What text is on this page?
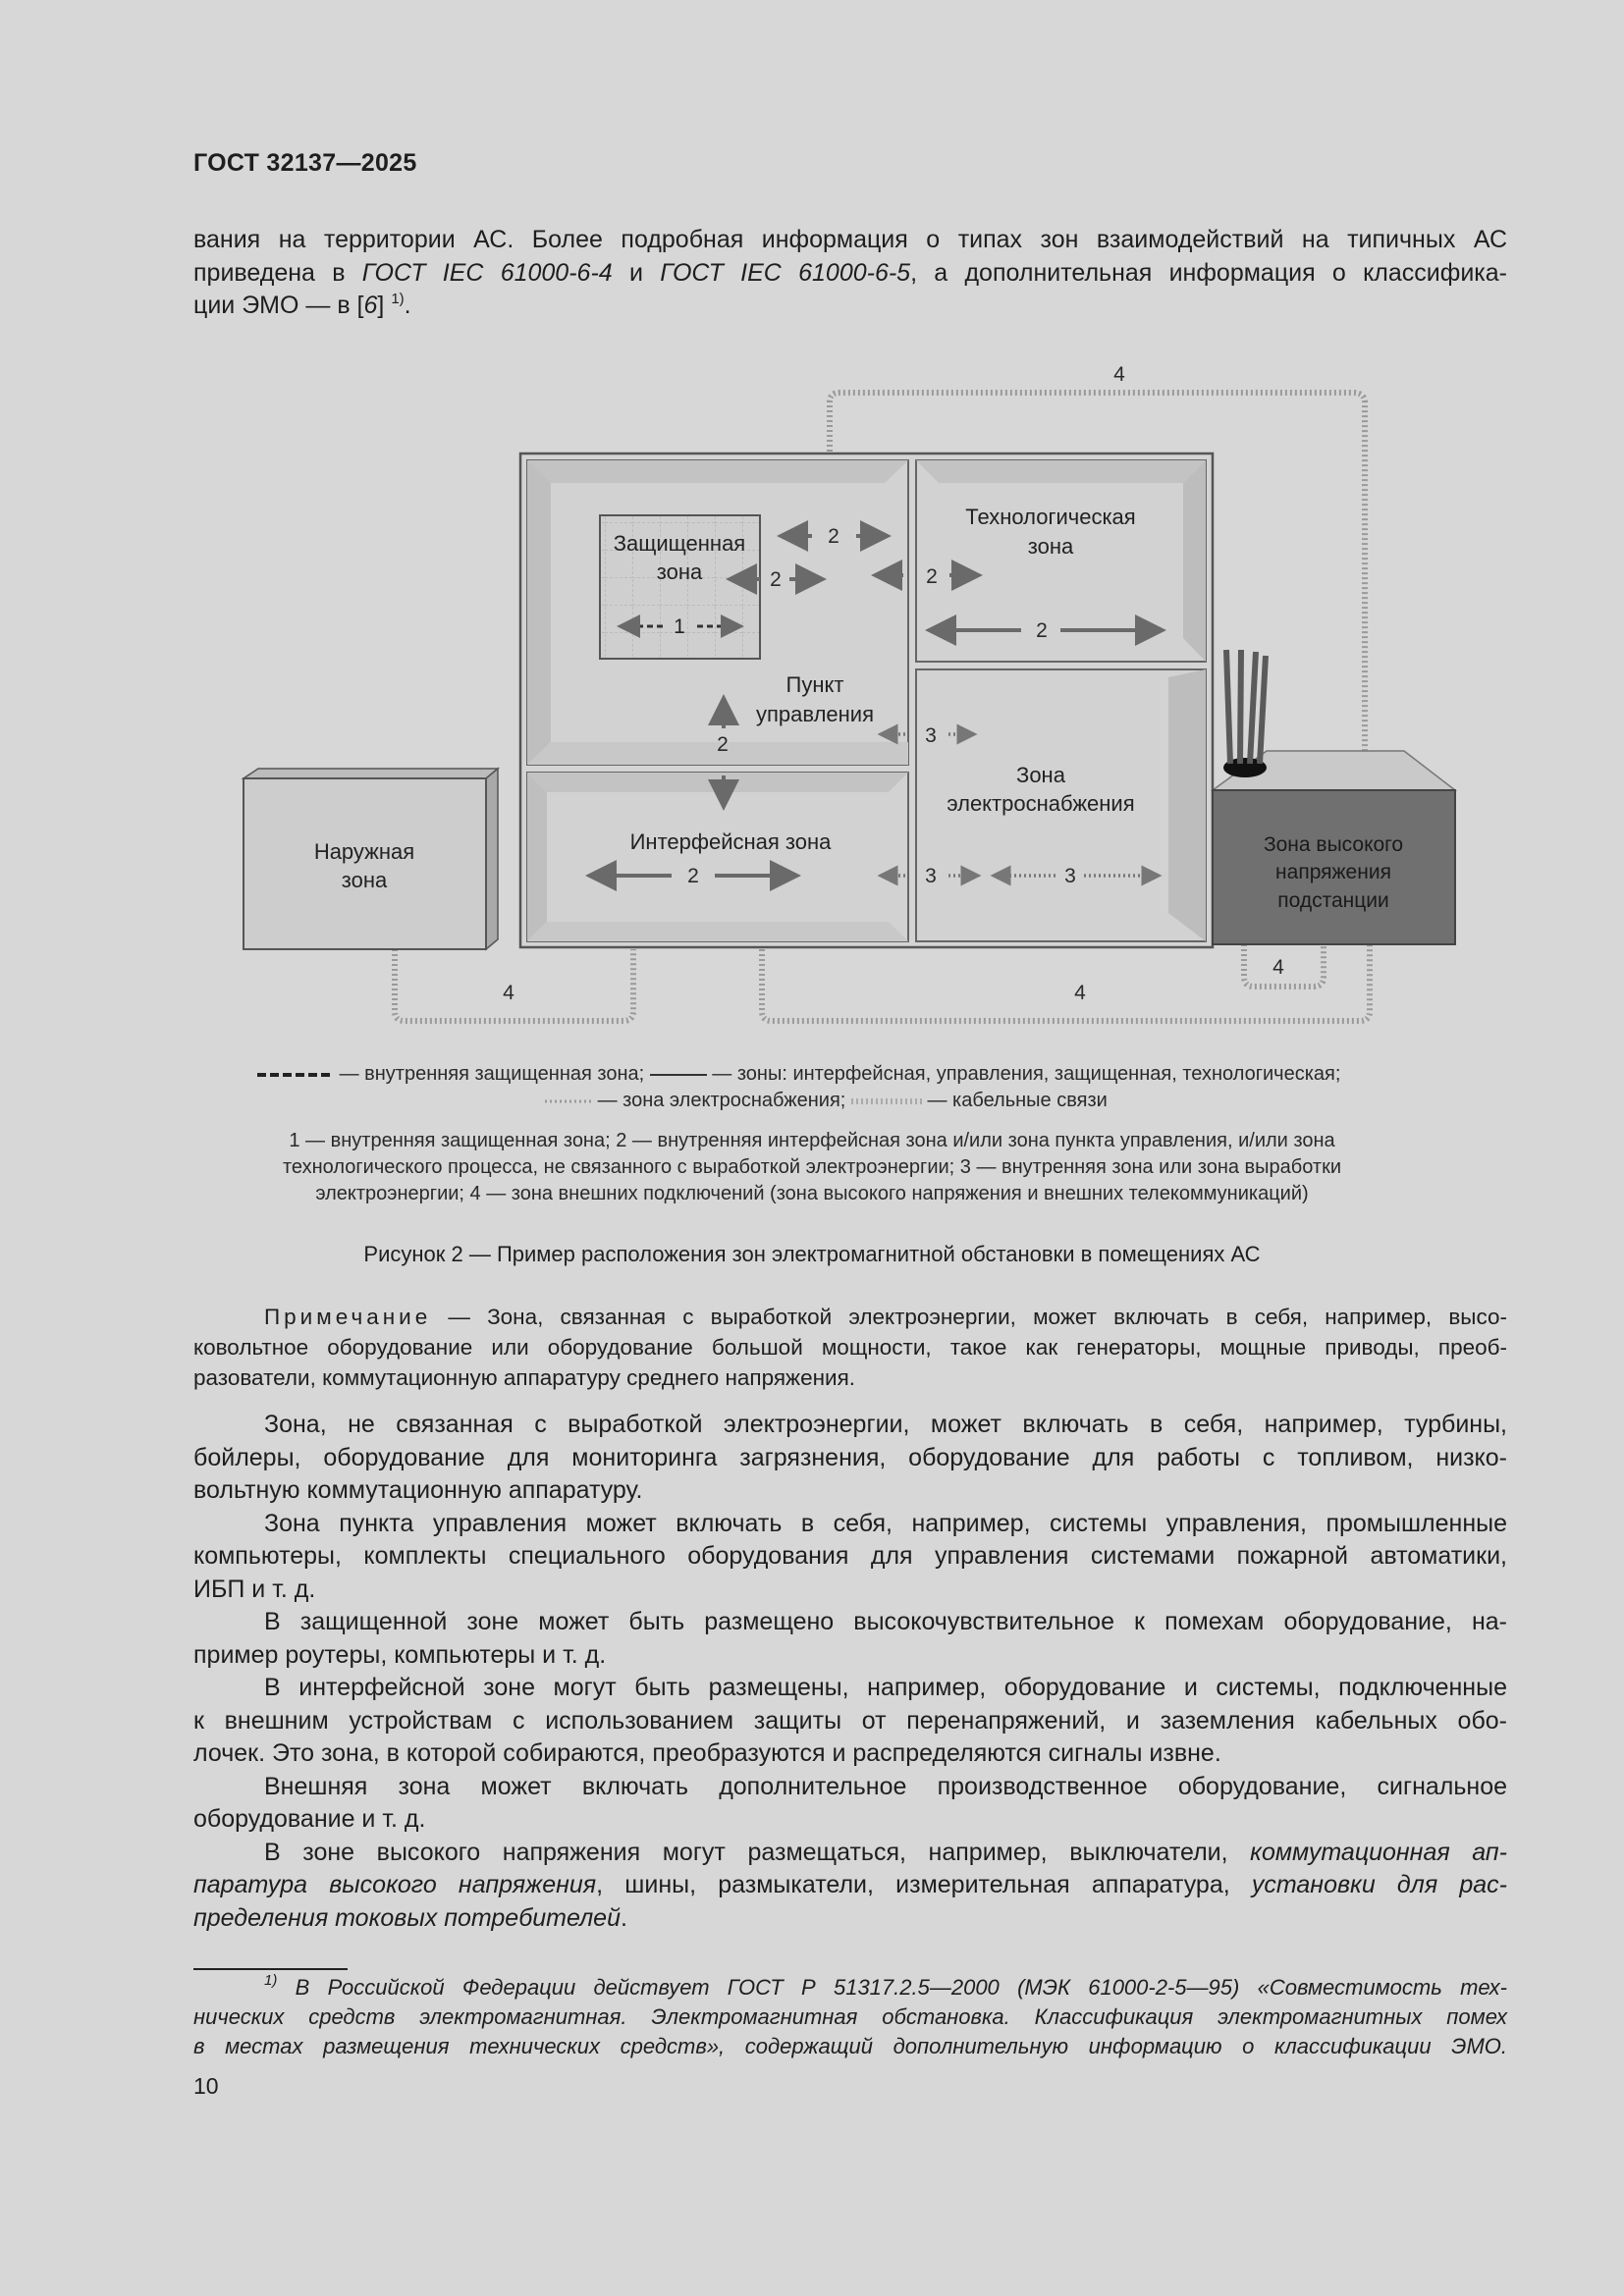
ГОСТ 32137—2025
вания на территории АС. Более подробная информация о типах зон взаимодействий на типичных АС
приведена в ГОСТ IEC 61000-6-4 и ГОСТ IEC 61000-6-5, а дополнительная информация о классифика-
ции ЭМО — в [6] $^{1)}$.
4
4	4
4
Защищенная
зона
1
2
2	2
2
2
2
3
3	3
Технологическая
зона
Пункт
управления
Зона
электроснабжения
Интерфейсная зона
Наружная
зона
Зона высокого
напряжения
подстанции
— внутренняя защищенная зона;	— зоны: интерфейсная, управления, защищенная, технологическая;
— зона электроснабжения;	— кабельные связи
1 — внутренняя защищенная зона; 2 — внутренняя интерфейсная зона и/или зона пункта управления, и/или зона
технологического процесса, не связанного с выработкой электроэнергии; 3 — внутренняя зона или зона выработки
электроэнергии; 4 — зона внешних подключений (зона высокого напряжения и внешних телекоммуникаций)
Рисунок 2 — Пример расположения зон электромагнитной обстановки в помещениях АС
Примечание — Зона, связанная с выработкой электроэнергии, может включать в себя, например, высо-
ковольтное оборудование или оборудование большой мощности, такое как генераторы, мощные приводы, преоб-
разователи, коммутационную аппаратуру среднего напряжения.
Зона, не связанная с выработкой электроэнергии, может включать в себя, например, турбины,
бойлеры, оборудование для мониторинга загрязнения, оборудование для работы с топливом, низко-
вольтную коммутационную аппаратуру.
Зона пункта управления может включать в себя, например, системы управления, промышленные
компьютеры, комплекты специального оборудования для управления системами пожарной автоматики,
ИБП и т. д.
В защищенной зоне может быть размещено высокочувствительное к помехам оборудование, на-
пример роутеры, компьютеры и т. д.
В интерфейсной зоне могут быть размещены, например, оборудование и системы, подключенные
к внешним устройствам с использованием защиты от перенапряжений, и заземления кабельных обо-
лочек. Это зона, в которой собираются, преобразуются и распределяются сигналы извне.
Внешняя зона может включать дополнительное производственное оборудование, сигнальное
оборудование и т. д.
В зоне высокого напряжения могут размещаться, например, выключатели, коммутационная ап-
паратура высокого напряжения, шины, размыкатели, измерительная аппаратура, установки для рас-
пределения токовых потребителей.
$^{1)}$ В Российской Федерации действует ГОСТ Р 51317.2.5—2000 (МЭК 61000-2-5—95) «Совместимость тех-
нических средств электромагнитная. Электромагнитная обстановка. Классификация электромагнитных помех
в местах размещения технических средств», содержащий дополнительную информацию о классификации ЭМО.
10
